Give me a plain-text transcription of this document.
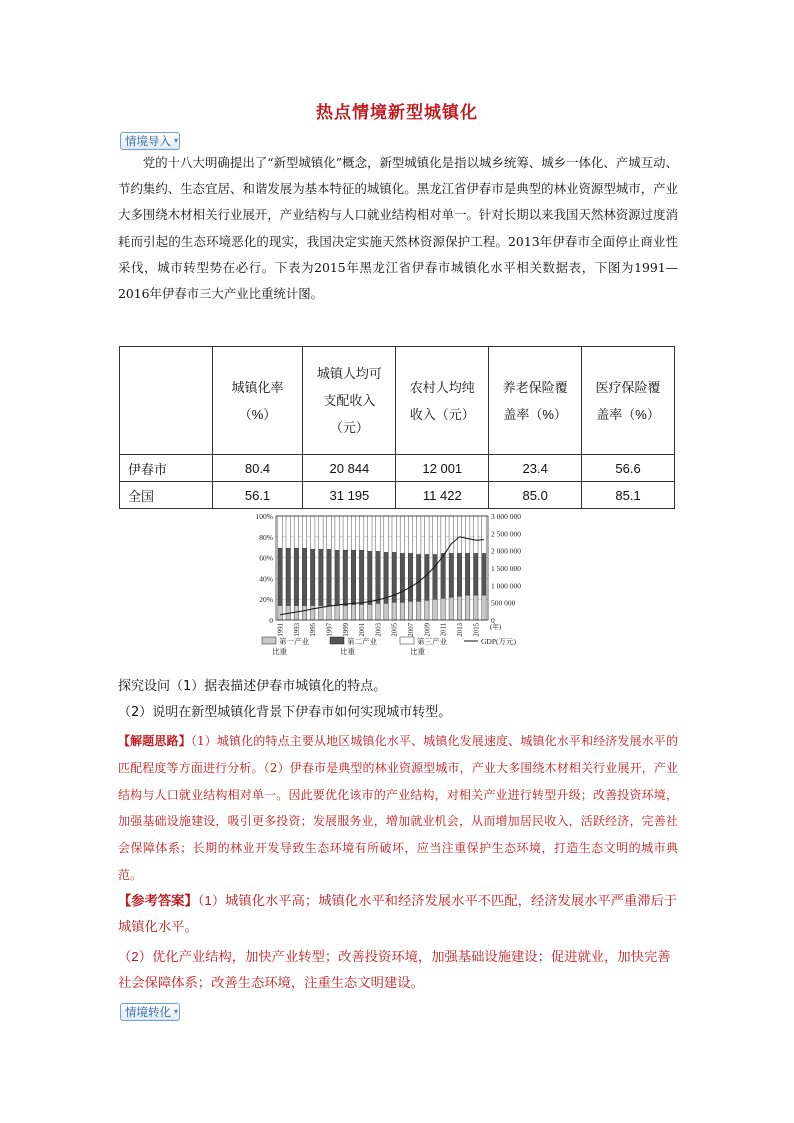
热点情境新型城镇化
情境导入 ▾

党的十八大明确提出了“新型城镇化”概念，新型城镇化是指以城乡统筹、城乡一体化、产城互动、节约集约、生态宜居、和谐发展为基本特征的城镇化。黑龙江省伊春市是典型的林业资源型城市，产业大多围绕木材相关行业展开，产业结构与人口就业结构相对单一。针对长期以来我国天然林资源过度消耗而引起的生态环境恶化的现实，我国决定实施天然林资源保护工程。2013年伊春市全面停止商业性采伐，城市转型势在必行。下表为2015年黑龙江省伊春市城镇化水平相关数据表，下图为1991—2016年伊春市三大产业比重统计图。

	城镇化率（%）	城镇人均可支配收入（元）	农村人均纯收入（元）	养老保险覆盖率（%）	医疗保险覆盖率（%）
伊春市	80.4	20 844	12 001	23.4	56.6
全国	56.1	31 195	11 422	85.0	85.1
100%
80%
60%
40%
20%
0
3 000 000
2 500 000
2 000 000
1 500 000
1 000 000
500 000
0
1991 1993 1995 1997 1999 2001 2003 2005 2007 2009 2011 2013 2015 (年)
第一产业
比重
第二产业
比重
第三产业
比重
GDP(万元)
探究设问（1）据表描述伊春市城镇化的特点。
（2）说明在新型城镇化背景下伊春市如何实现城市转型。

【解题思路】（1）城镇化的特点主要从地区城镇化水平、城镇化发展速度、城镇化水平和经济发展水平的匹配程度等方面进行分析。（2）伊春市是典型的林业资源型城市，产业大多围绕木材相关行业展开，产业结构与人口就业结构相对单一。因此要优化该市的产业结构，对相关产业进行转型升级；改善投资环境，加强基础设施建设，吸引更多投资；发展服务业，增加就业机会，从而增加居民收入，活跃经济，完善社会保障体系；长期的林业开发导致生态环境有所破坏，应当注重保护生态环境，打造生态文明的城市典范。

【参考答案】（1）城镇化水平高；城镇化水平和经济发展水平不匹配，经济发展水平严重滞后于城镇化水平。

（2）优化产业结构，加快产业转型；改善投资环境，加强基础设施建设；促进就业，加快完善社会保障体系；改善生态环境，注重生态文明建设。

情境转化 ▾
